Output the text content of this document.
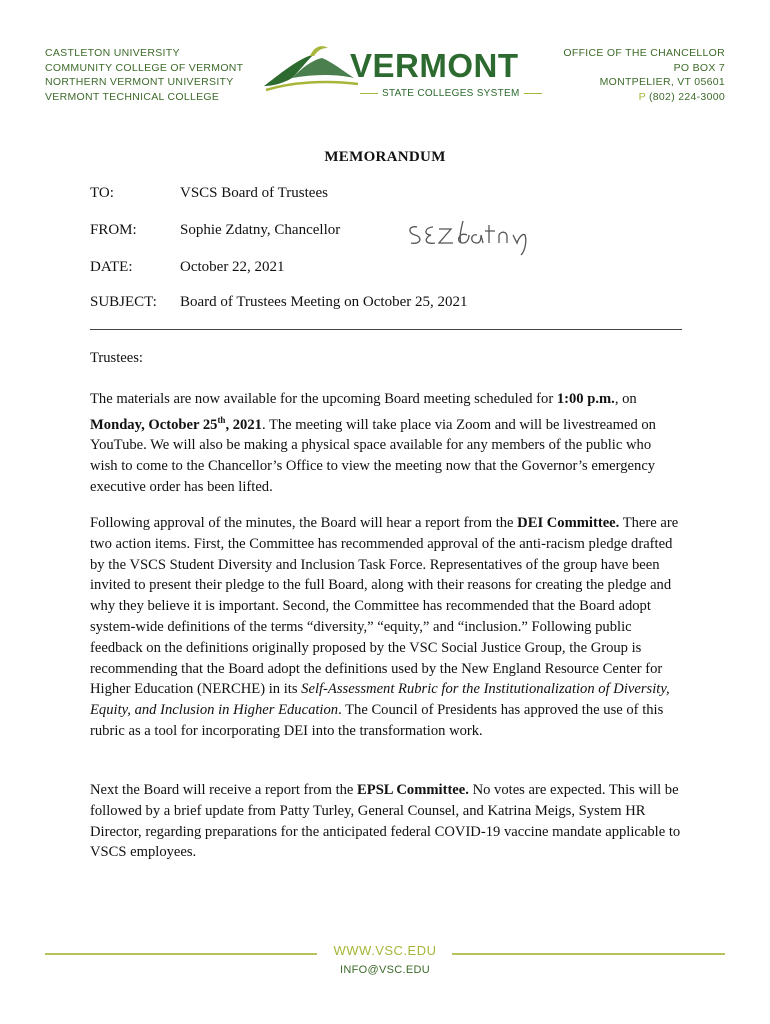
CASTLETON UNIVERSITY
COMMUNITY COLLEGE OF VERMONT
NORTHERN VERMONT UNIVERSITY
VERMONT TECHNICAL COLLEGE
VERMONT
STATE COLLEGES SYSTEM
OFFICE OF THE CHANCELLOR
PO BOX 7
MONTPELIER, VT 05601
P (802) 224-3000
MEMORANDUM
TO:	VSCS Board of Trustees
FROM:	Sophie Zdatny, Chancellor
DATE:	October 22, 2021
SUBJECT: Board of Trustees Meeting on October 25, 2021

Trustees:

The materials are now available for the upcoming Board meeting scheduled for 1:00 p.m., on Monday, October 25th, 2021. The meeting will take place via Zoom and will be livestreamed on YouTube. We will also be making a physical space available for any members of the public who wish to come to the Chancellor’s Office to view the meeting now that the Governor’s emergency executive order has been lifted.

Following approval of the minutes, the Board will hear a report from the DEI Committee. There are two action items. First, the Committee has recommended approval of the anti-racism pledge drafted by the VSCS Student Diversity and Inclusion Task Force. Representatives of the group have been invited to present their pledge to the full Board, along with their reasons for creating the pledge and why they believe it is important. Second, the Committee has recommended that the Board adopt system-wide definitions of the terms “diversity,” “equity,” and “inclusion.” Following public feedback on the definitions originally proposed by the VSC Social Justice Group, the Group is recommending that the Board adopt the definitions used by the New England Resource Center for Higher Education (NERCHE) in its Self-Assessment Rubric for the Institutionalization of Diversity, Equity, and Inclusion in Higher Education. The Council of Presidents has approved the use of this rubric as a tool for incorporating DEI into the transformation work.

Next the Board will receive a report from the EPSL Committee. No votes are expected. This will be followed by a brief update from Patty Turley, General Counsel, and Katrina Meigs, System HR Director, regarding preparations for the anticipated federal COVID-19 vaccine mandate applicable to VSCS employees.

WWW.VSC.EDU
INFO@VSC.EDU
